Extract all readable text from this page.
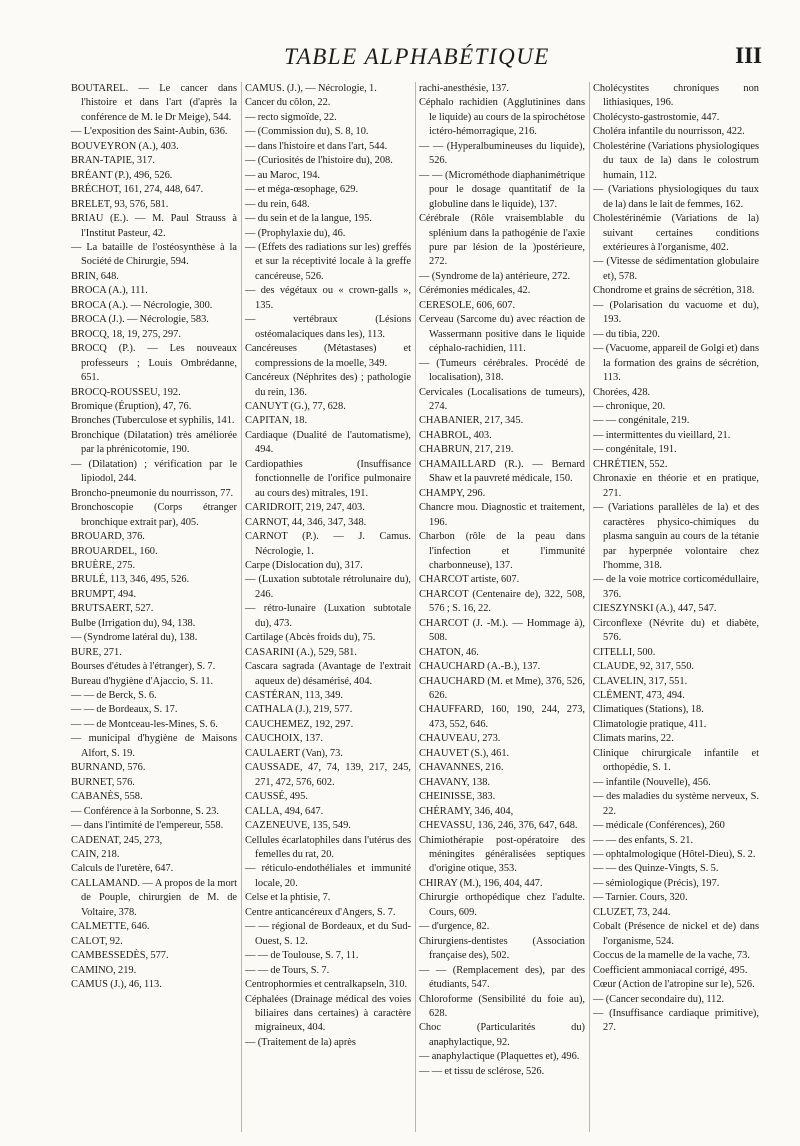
TABLE ALPHABÉTIQUE	III
BOUTAREL. — Le cancer dans l'histoire et dans l'art (d'après la conférence de M. le Dr Meige), 544.
— L'exposition des Saint-Aubin, 636.
BOUVEYRON (A.), 403.
BRAN-TAPIE, 317.
BRÉANT (P.), 496, 526.
BRÉCHOT, 161, 274, 448, 647.
BRELET, 93, 576, 581.
BRIAU (E.). — M. Paul Strauss à l'Institut Pasteur, 42.
— La bataille de l'ostéosynthèse à la Société de Chirurgie, 594.
BRIN, 648.
BROCA (A.), 111.
BROCA (A.). — Nécrologie, 300.
BROCA (J.). — Nécrologie, 583.
BROCQ, 18, 19, 275, 297.
BROCQ (P.). — Les nouveaux professeurs ; Louis Ombrédanne, 651.
BROCQ-ROUSSEU, 192.
Bromique (Éruption), 47, 76.
Bronches (Tuberculose et syphilis, 141.
Bronchique (Dilatation) très améliorée par la phrénicotomie, 190.
— (Dilatation) ; vérification par le lipiodol, 244.
Broncho-pneumonie du nourrisson, 77.
Bronchoscopie (Corps étranger bronchique extrait par), 405.
BROUARD, 376.
BROUARDEL, 160.
BRUÈRE, 275.
BRULÉ, 113, 346, 495, 526.
BRUMPT, 494.
BRUTSAERT, 527.
Bulbe (Irrigation du), 94, 138.
— (Syndrome latéral du), 138.
BURE, 271.
Bourses d'études à l'étranger), S. 7.
Bureau d'hygiène d'Ajaccio, S. 11.
— — de Berck, S. 6.
— — de Bordeaux, S. 17.
— — de Montceau-les-Mines, S. 6.
— municipal d'hygiène de Maisons Alfort, S. 19.
BURNAND, 576.
BURNET, 576.
CABANÈS, 558.
— Conférence à la Sorbonne, S. 23.
— dans l'intimité de l'empereur, 558.
CADENAT, 245, 273,
CAIN, 218.
Calculs de l'uretère, 647.
CALLAMAND. — A propos de la mort de Pouple, chirurgien de M. de Voltaire, 378.
CALMETTE, 646.
CALOT, 92.
CAMBESSEDÈS, 577.
CAMINO, 219.
CAMUS (J.), 46, 113.
CAMUS. (J.), — Nécrologie, 1.
Cancer du côlon, 22.
— recto sigmoïde, 22.
— (Commission du), S. 8, 10.
— dans l'histoire et dans l'art, 544.
— (Curiosités de l'histoire du), 208.
— au Maroc, 194.
— et méga-œsophage, 629.
— du rein, 648.
— du sein et de la langue, 195.
— (Prophylaxie du), 46.
— (Effets des radiations sur les) greffés et sur la réceptivité locale à la greffe cancéreuse, 526.
— des végétaux ou « crown-galls », 135.
— vertébraux (Lésions ostéomalaciques dans les), 113.
Cancéreuses (Métastases) et compressions de la moelle, 349.
Cancéreux (Néphrites des) ; pathologie du rein, 136.
CANUYT (G.), 77, 628.
CAPITAN, 18.
Cardiaque (Dualité de l'automatisme), 494.
Cardiopathies (Insuffisance fonctionnelle de l'orifice pulmonaire au cours des) mitrales, 191.
CARIDROIT, 219, 247, 403.
CARNOT, 44, 346, 347, 348.
CARNOT (P.). — J. Camus. Nécrologie, 1.
Carpe (Dislocation du), 317.
— (Luxation subtotale rétrolunaire du), 246.
— rétro-lunaire (Luxation subtotale du), 473.
Cartilage (Abcès froids du), 75.
CASARINI (A.), 529, 581.
Cascara sagrada (Avantage de l'extrait aqueux de) désamérisé, 404.
CASTÉRAN, 113, 349.
CATHALA (J.), 219, 577.
CAUCHEMEZ, 192, 297.
CAUCHOIX, 137.
CAULAERT (Van), 73.
CAUSSADE, 47, 74, 139, 217, 245, 271, 472, 576, 602.
CAUSSÉ, 495.
CALLA, 494, 647.
CAZENEUVE, 135, 549.
Cellules écarlatophiles dans l'utérus des femelles du rat, 20.
— réticulo-endothéliales et immunité locale, 20.
Celse et la phtisie, 7.
Centre anticancéreux d'Angers, S. 7.
— — régional de Bordeaux, et du Sud-Ouest, S. 12.
— — de Toulouse, S. 7, 11.
— — de Tours, S. 7.
Centrophormies et centralkapseln, 310.
Céphalées (Drainage médical des voies biliaires dans certaines) à caractère migraineux, 404.
— (Traitement de la) après
rachi-anesthésie, 137.
Céphalo rachidien (Agglutinines dans le liquide) au cours de la spirochétose ictéro-hémorragique, 216.
— — (Hyperalbumineuses du liquide), 526.
— — (Microméthode diaphanimétrique pour le dosage quantitatif de la globuline dans le liquide), 137.
Cérébrale (Rôle vraisemblable du splénium dans la pathogénie de l'axie pure par lésion de la )postérieure, 272.
— (Syndrome de la) antérieure, 272.
Cérémonies médicales, 42.
CERESOLE, 606, 607.
Cerveau (Sarcome du) avec réaction de Wassermann positive dans le liquide céphalo-rachidien, 111.
— (Tumeurs cérébrales. Procédé de localisation), 318.
Cervicales (Localisations de tumeurs), 274.
CHABANIER, 217, 345.
CHABROL, 403.
CHABRUN, 217, 219.
CHAMAILLARD (R.). — Bernard Shaw et la pauvreté médicale, 150.
CHAMPY, 296.
Chancre mou. Diagnostic et traitement, 196.
Charbon (rôle de la peau dans l'infection et l'immunité charbonneuse), 137.
CHARCOT artiste, 607.
CHARCOT (Centenaire de), 322, 508, 576 ; S. 16, 22.
CHARCOT (J. -M.). — Hommage à), 508.
CHATON, 46.
CHAUCHARD (A.-B.), 137.
CHAUCHARD (M. et Mme), 376, 526, 626.
CHAUFFARD, 160, 190, 244, 273, 473, 552, 646.
CHAUVEAU, 273.
CHAUVET (S.), 461.
CHAVANNES, 216.
CHAVANY, 138.
CHEINISSE, 383.
CHÉRAMY, 346, 404,
CHEVASSU, 136, 246, 376, 647, 648.
Chimiothérapie post-opératoire des méningites généralisées septiques d'origine otique, 353.
CHIRAY (M.), 196, 404, 447.
Chirurgie orthopédique chez l'adulte. Cours, 609.
— d'urgence, 82.
Chirurgiens-dentistes (Association française des), 502.
— — (Remplacement des), par des étudiants, 547.
Chloroforme (Sensibilité du foie au), 628.
Choc (Particularités du) anaphylactique, 92.
— anaphylactique (Plaquettes et), 496.
— — et tissu de sclérose, 526.
Cholécystites chroniques non lithiasiques, 196.
Cholécysto-gastrostomie, 447.
Choléra infantile du nourrisson, 422.
Cholestérine (Variations physiologiques du taux de la) dans le colostrum humain, 112.
— (Variations physiologiques du taux de la) dans le lait de femmes, 162.
Cholestérinémie (Variations de la) suivant certaines conditions extérieures à l'organisme, 402.
— (Vitesse de sédimentation globulaire et), 578.
Chondrome et grains de sécrétion, 318.
— (Polarisation du vacuome et du), 193.
— du tibia, 220.
— (Vacuome, appareil de Golgi et) dans la formation des grains de sécrétion, 113.
Chorées, 428.
— chronique, 20.
— — congénitale, 219.
— intermittentes du vieillard, 21.
— congénitale, 191.
CHRÉTIEN, 552.
Chronaxie en théorie et en pratique, 271.
— (Variations parallèles de la) et des caractères physico-chimiques du plasma sanguin au cours de la tétanie par hyperpnée volontaire chez l'homme, 318.
— de la voie motrice corticomédullaire, 376.
CIESZYNSKI (A.), 447, 547.
Circonflexe (Névrite du) et diabète, 576.
CITELLI, 500.
CLAUDE, 92, 317, 550.
CLAVELIN, 317, 551.
CLÉMENT, 473, 494.
Climatiques (Stations), 18.
Climatologie pratique, 411.
Climats marins, 22.
Clinique chirurgicale infantile et orthopédie, S. 1.
— infantile (Nouvelle), 456.
— des maladies du système nerveux, S. 22.
— médicale (Conférences), 260
— — des enfants, S. 21.
— ophtalmologique (Hôtel-Dieu), S. 2.
— — des Quinze-Vingts, S. 5.
— sémiologique (Précis), 197.
— Tarnier. Cours, 320.
CLUZET, 73, 244.
Cobalt (Présence de nickel et de) dans l'organisme, 524.
Coccus de la mamelle de la vache, 73.
Coefficient ammoniacal corrigé, 495.
Cœur (Action de l'atropine sur le), 526.
— (Cancer secondaire du), 112.
— (Insuffisance cardiaque primitive), 27.
